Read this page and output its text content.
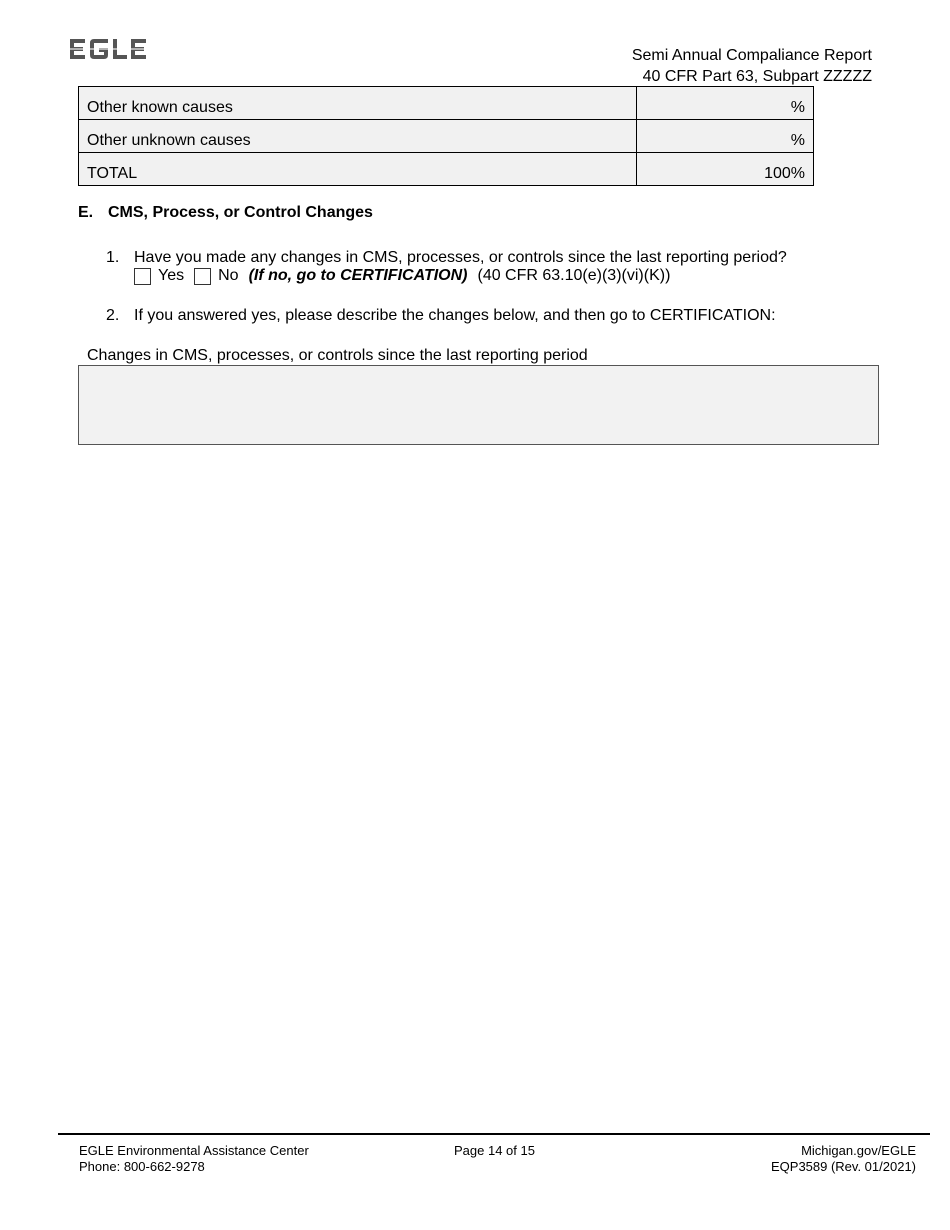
Semi Annual Compaliance Report
40 CFR Part 63, Subpart ZZZZZ
Other known causes	%
Other unknown causes	%
TOTAL	100%
E. CMS, Process, or Control Changes
1. Have you made any changes in CMS, processes, or controls since the last reporting period?
Yes No (If no, go to CERTIFICATION) (40 CFR 63.10(e)(3)(vi)(K))
2. If you answered yes, please describe the changes below, and then go to CERTIFICATION:
Changes in CMS, processes, or controls since the last reporting period
EGLE Environmental Assistance Center
Phone: 800-662-9278
Page 14 of 15	Michigan.gov/EGLE
EQP3589 (Rev. 01/2021)
